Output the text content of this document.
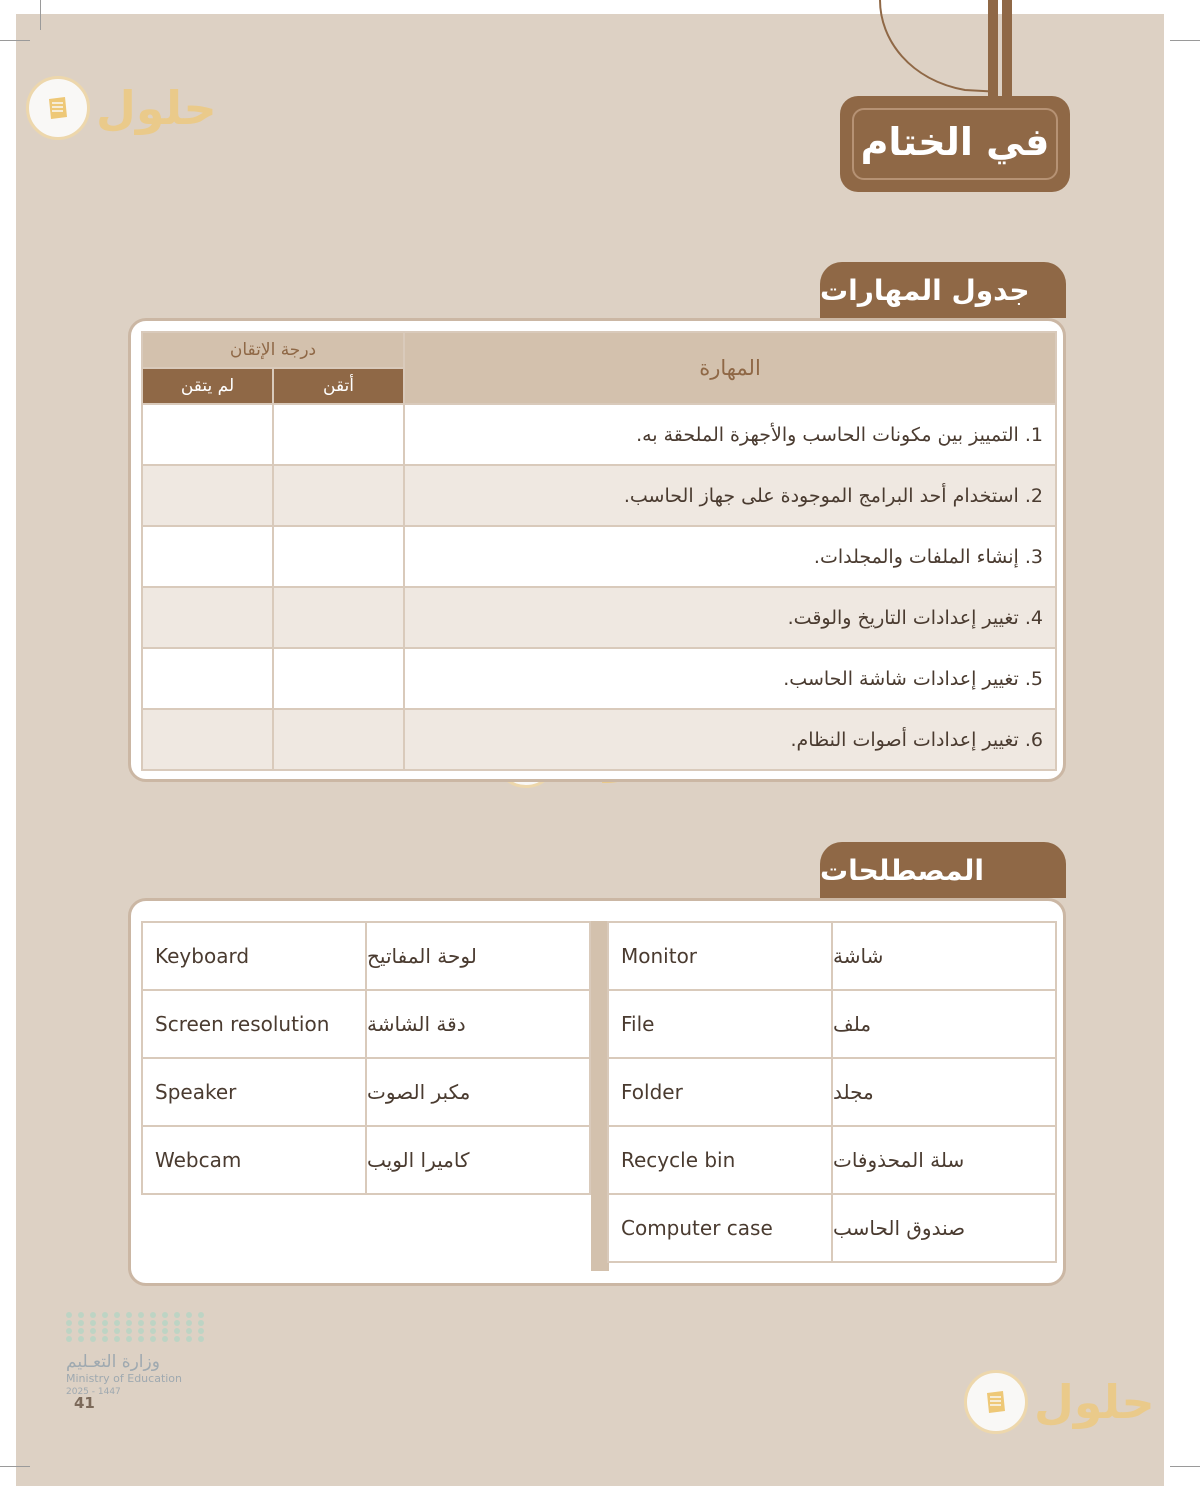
حلول
حلول
في الختام
جدول المهارات
المهارة	درجة الإتقان	
	أتقن	لم يتقن
1. التمييز بين مكونات الحاسب والأجهزة الملحقة به.		
2. استخدام أحد البرامج الموجودة على جهاز الحاسب.		
3. إنشاء الملفات والمجلدات.		
4. تغيير إعدادات التاريخ والوقت.		
5. تغيير إعدادات شاشة الحاسب.		
6. تغيير إعدادات أصوات النظام.		
المصطلحات
Keyboard	لوحة المفاتيح
Screen resolution	دقة الشاشة
Speaker	مكبر الصوت
Webcam	كاميرا الويب
Monitor	شاشة
File	ملف
Folder	مجلد
Recycle bin	سلة المحذوفات
Computer case	صندوق الحاسب
وزارة التعـليم
Ministry of Education
2025 - 1447
41
